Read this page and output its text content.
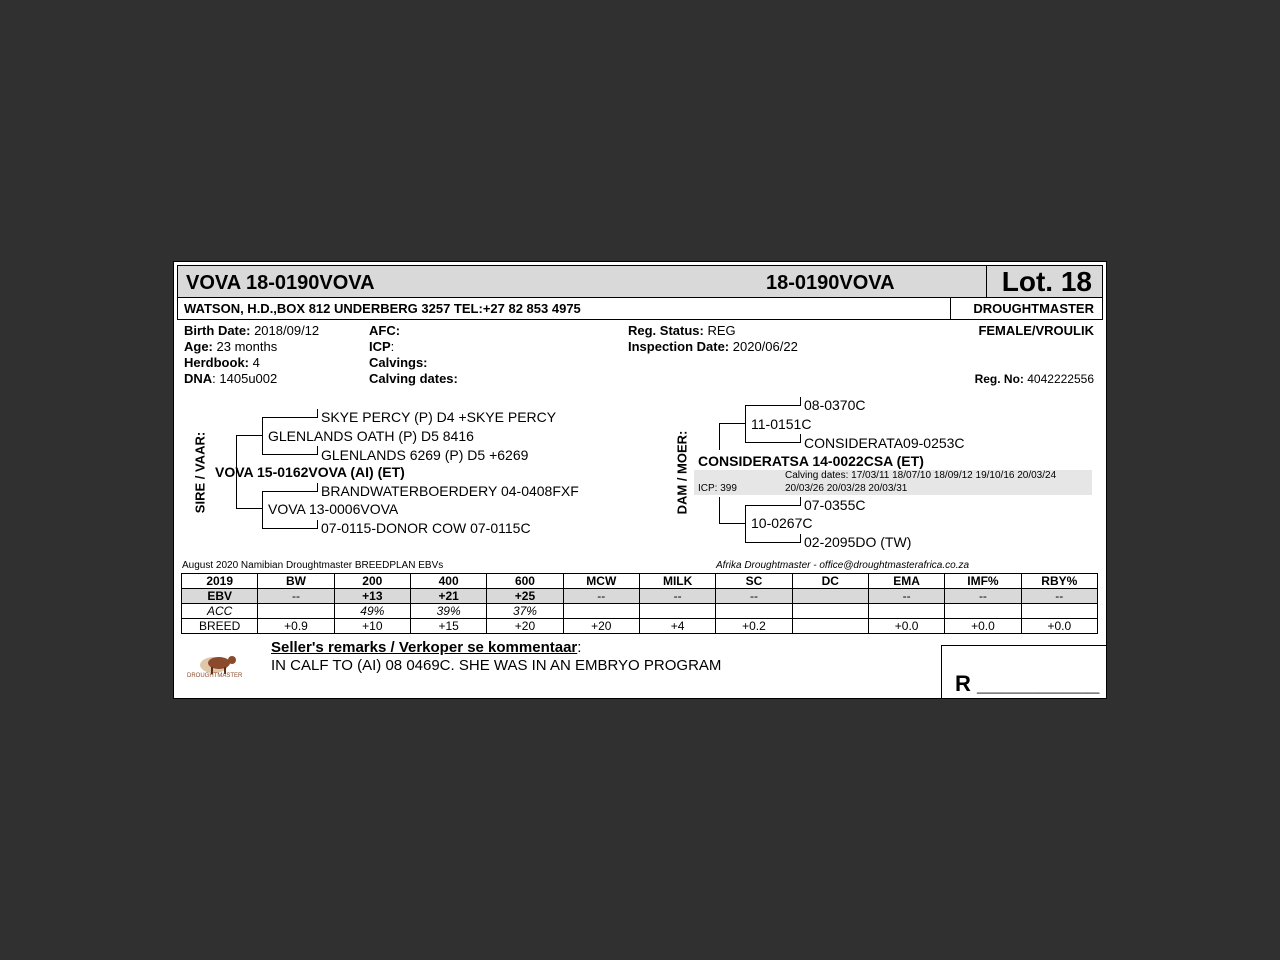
VOVA 18-0190VOVA	18-0190VOVA	Lot. 18
WATSON, H.D.,BOX 812 UNDERBERG 3257 TEL:+27 82 853 4975	DROUGHTMASTER
Birth Date: 2018/09/12
Age: 23 months
Herdbook: 4
DNA: 1405u002
AFC:
ICP:
Calvings:
Calving dates:
Reg. Status: REG
Inspection Date: 2020/06/22
FEMALE/VROULIK
Reg. No: 4042222556
SIRE / VAAR:
SKYE PERCY (P) D4 +SKYE PERCY
GLENLANDS OATH (P) D5 8416
GLENLANDS 6269 (P) D5 +6269
VOVA 15-0162VOVA (AI) (ET)
BRANDWATERBOERDERY 04-0408FXF
VOVA 13-0006VOVA
07-0115-DONOR COW 07-0115C
DAM / MOER:
08-0370C
11-0151C
CONSIDERATA09-0253C
CONSIDERATSA 14-0022CSA (ET)
ICP: 399
Calving dates: 17/03/11 18/07/10 18/09/12 19/10/16 20/03/24
20/03/26 20/03/28 20/03/31
07-0355C
10-0267C
02-2095DO (TW)
August 2020 Namibian Droughtmaster BREEDPLAN EBVs	Afrika Droughtmaster - office@droughtmasterafrica.co.za
2019	BW	200	400	600	MCW	MILK	SC	DC	EMA	IMF%	RBY%
EBV	--	+13	+21	+25	--	--	--		--	--	--
ACC		49%	39%	37%							
BREED	+0.9	+10	+15	+20	+20	+4	+0.2		+0.0	+0.0	+0.0
DROUGHTMASTER
Seller's remarks / Verkoper se kommentaar:
IN CALF TO (AI) 08 0469C. SHE WAS IN AN EMBRYO PROGRAM
R __________
